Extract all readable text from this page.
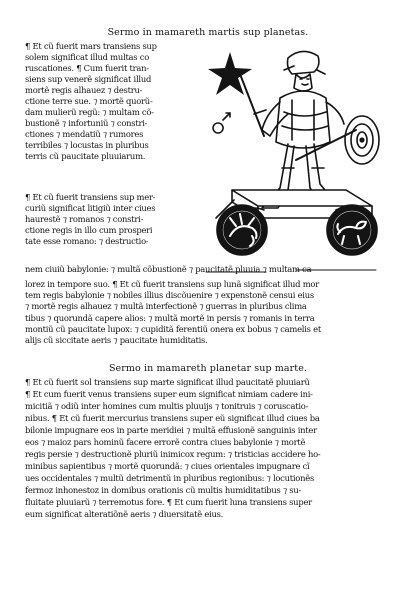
Sermo in mamareth martis sup planetas.
¶ Et cũ fuerit mars transiens sup
solem significat illud multas co
ruscationes. ¶ Cum fuerit tran-
siens sup venerẽ significat illud
mortẽ regis alhauez ⁊ destru-
ctione terre sue. ⁊ mortẽ quorũ-
dam mulierũ regũ: ⁊ multam cõ-
bustionẽ ⁊ infortuniũ ⁊ constri-
ctiones ⁊ mendatiũ ⁊ rumores
terribiles ⁊ locustas in pluribus
terris cũ paucitate pluuiarum.
¶ Et cũ fuerit transiens sup mer-
curiũ significat litigiũ inter ciues
haurestẽ ⁊ romanos ⁊ constri-
ctione regis in illo cum prosperi
tate esse romano: ⁊ destructio-
nem ciuiũ babylonie: ⁊ multã cõbustionẽ ⁊ paucitatẽ pluuia ⁊ multam ca
lorez in tempore suo. ¶ Et cũ fuerit transiens sup lunã significat illud mor
tem regis babylonie ⁊ nobiles illius discõuenire ⁊ expenstonẽ censui eius
⁊ mortẽ regis alhauez ⁊ multã interfectionẽ ⁊ guerras in pluribus clima
tibus ⁊ quorundã capere alios: ⁊ multã mortẽ in persis ⁊ romanis in terra
montiũ cũ paucitate lupox: ⁊ cupiditã ferentiũ onera ex bobus ⁊ camelis et
alijs cũ siccitate aeris ⁊ paucitate humiditatis.
Sermo in mamareth planetar sup marte.
¶ Et cũ fuerit sol transiens sup marte significat illud paucitatẽ pluuiarũ
¶ Et cum fuerit venus transiens super eum significat nimiam cadere ini-
micitiã ⁊ odiũ inter homines cum multis pluuijs ⁊ tonitruis ⁊ coruscatio-
nibus. ¶ Et cũ fuerit mercurius transiens super eũ significat illud ciues ba
bilonie impugnare eos in parte meridiei ⁊ multã effusionẽ sanguinis inter
eos ⁊ maioz pars hominũ facere errorẽ contra ciues babylonie ⁊ mortẽ
regis persie ⁊ destructionẽ pluriũ inimicox regum: ⁊ tristicias accidere ho-
minibus sapientibus ⁊ mortẽ quorundã: ⁊ ciues orientales impugnare cĩ
ues occidentales ⁊ multũ detrimentũ in pluribus regionibus: ⁊ locutionẽs
fermoz inhonestoz in domibus orationis cũ multis humiditatibus ⁊ su-
fluitate pluuiarũ ⁊ terremotus fore. ¶ Et cum fuerit luna transiens super
eum significat alteratiõnẽ aeris ⁊ diuersitatẽ eius.
